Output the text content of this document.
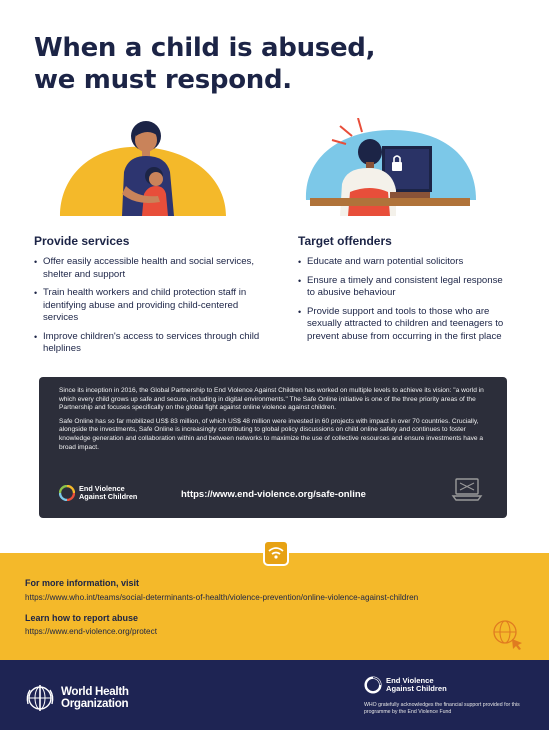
When a child is abused,
we must respond.
Provide services
• Offer easily accessible health and social services, shelter and support
• Train health workers and child protection staff in identifying abuse and providing child-centered services
• Improve children's access to services through child helplines
Target offenders
• Educate and warn potential solicitors
• Ensure a timely and consistent legal response to abusive behaviour
• Provide support and tools to those who are sexually attracted to children and teenagers to prevent abuse from occurring in the first place

Since its inception in 2016, the Global Partnership to End Violence Against Children has worked on multiple levels to achieve its vision: "a world in which every child grows up safe and secure, including in digital environments." The Safe Online initiative is one of the three priority areas of the Partnership and focuses specifically on the global fight against online violence against children.

Safe Online has so far mobilized US$ 83 million, of which US$ 48 million were invested in 60 projects with impact in over 70 countries. Crucially, alongside the investments, Safe Online is increasingly contributing to global policy discussions on child online safety and continues to foster knowledge generation and collaboration within and between networks to maximize the use of collective resources and ensure investments have a broad impact.

End Violence
Against Children	https://www.end-violence.org/safe-online
For more information, visit
https://www.who.int/teams/social-determinants-of-health/violence-prevention/online-violence-against-children
Learn how to report abuse
https://www.end-violence.org/protect
World Health
Organization
End Violence
Against Children
WHO gratefully acknowledges the financial support provided for this programme by the End Violence Fund
